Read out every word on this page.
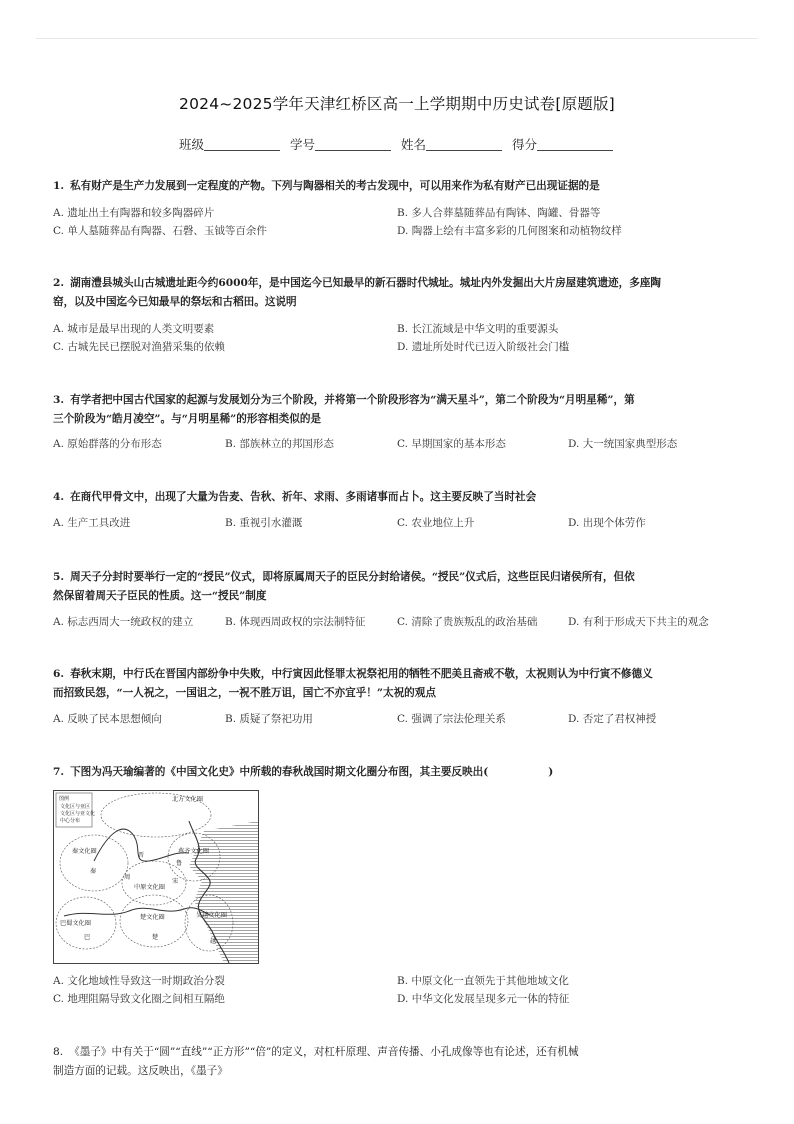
2024~2025学年天津红桥区高一上学期期中历史试卷[原题版]
班级	学号	姓名	得分
1. 私有财产是生产力发展到一定程度的产物。下列与陶器相关的考古发现中，可以用来作为私有财产已出现证据的是
A. 遗址出土有陶器和较多陶器碎片	B. 多人合葬墓随葬品有陶钵、陶罐、骨器等
C. 单人墓随葬品有陶器、石磬、玉钺等百余件	D. 陶器上绘有丰富多彩的几何图案和动植物纹样
2. 湖南澧县城头山古城遗址距今约6000年，是中国迄今已知最早的新石器时代城址。城址内外发掘出大片房屋建筑遗迹，多座陶
窑，以及中国迄今已知最早的祭坛和古稻田。这说明
A. 城市是最早出现的人类文明要素	B. 长江流域是中华文明的重要源头
C. 古城先民已摆脱对渔猎采集的依赖	D. 遗址所处时代已迈入阶级社会门槛
3. 有学者把中国古代国家的起源与发展划分为三个阶段，并将第一个阶段形容为“满天星斗”，第二个阶段为“月明星稀”，第
三个阶段为“皓月凌空”。与“月明星稀”的形容相类似的是
A. 原始群落的分布形态	B. 部族林立的邦国形态	C. 早期国家的基本形态	D. 大一统国家典型形态
4. 在商代甲骨文中，出现了大量为告麦、告秋、祈年、求雨、多雨诸事而占卜。这主要反映了当时社会
A. 生产工具改进	B. 重视引水灌溉	C. 农业地位上升	D. 出现个体劳作
5. 周天子分封时要举行一定的“授民”仪式，即将原属周天子的臣民分封给诸侯。“授民”仪式后，这些臣民归诸侯所有，但依
然保留着周天子臣民的性质。这一“授民”制度
A. 标志西周大一统政权的建立	B. 体现西周政权的宗法制特征	C. 清除了贵族叛乱的政治基础	D. 有利于形成天下共主的观念
6. 春秋末期，中行氏在晋国内部纷争中失败，中行寅因此怪罪太祝祭祀用的牺牲不肥美且斋戒不敬，太祝则认为中行寅不修德义
而招致民怨，“一人祝之，一国诅之，一祝不胜万诅，国亡不亦宜乎！”太祝的观点
A. 反映了民本思想倾向	B. 质疑了祭祀功用	C. 强调了宗法伦理关系	D. 否定了君权神授
7. 下图为冯天瑜编著的《中国文化史》中所载的春秋战国时期文化圈分布图，其主要反映出(	)
图例
文化区与亚区
文化区与亚文化
中心分布
北方文化圈
秦文化圈
秦
晋
燕齐文化圈
鲁
中原文化圈
周
宋
巴蜀文化圈
巴
楚文化圈
楚
吴越文化圈
越
A. 文化地域性导致这一时期政治分裂	B. 中原文化一直领先于其他地域文化
C. 地理阻隔导致文化圈之间相互隔绝	D. 中华文化发展呈现多元一体的特征
8. 《墨子》中有关于“圆”“直线”“正方形”“倍”的定义，对杠杆原理、声音传播、小孔成像等也有论述，还有机械
制造方面的记载。这反映出，《墨子》
